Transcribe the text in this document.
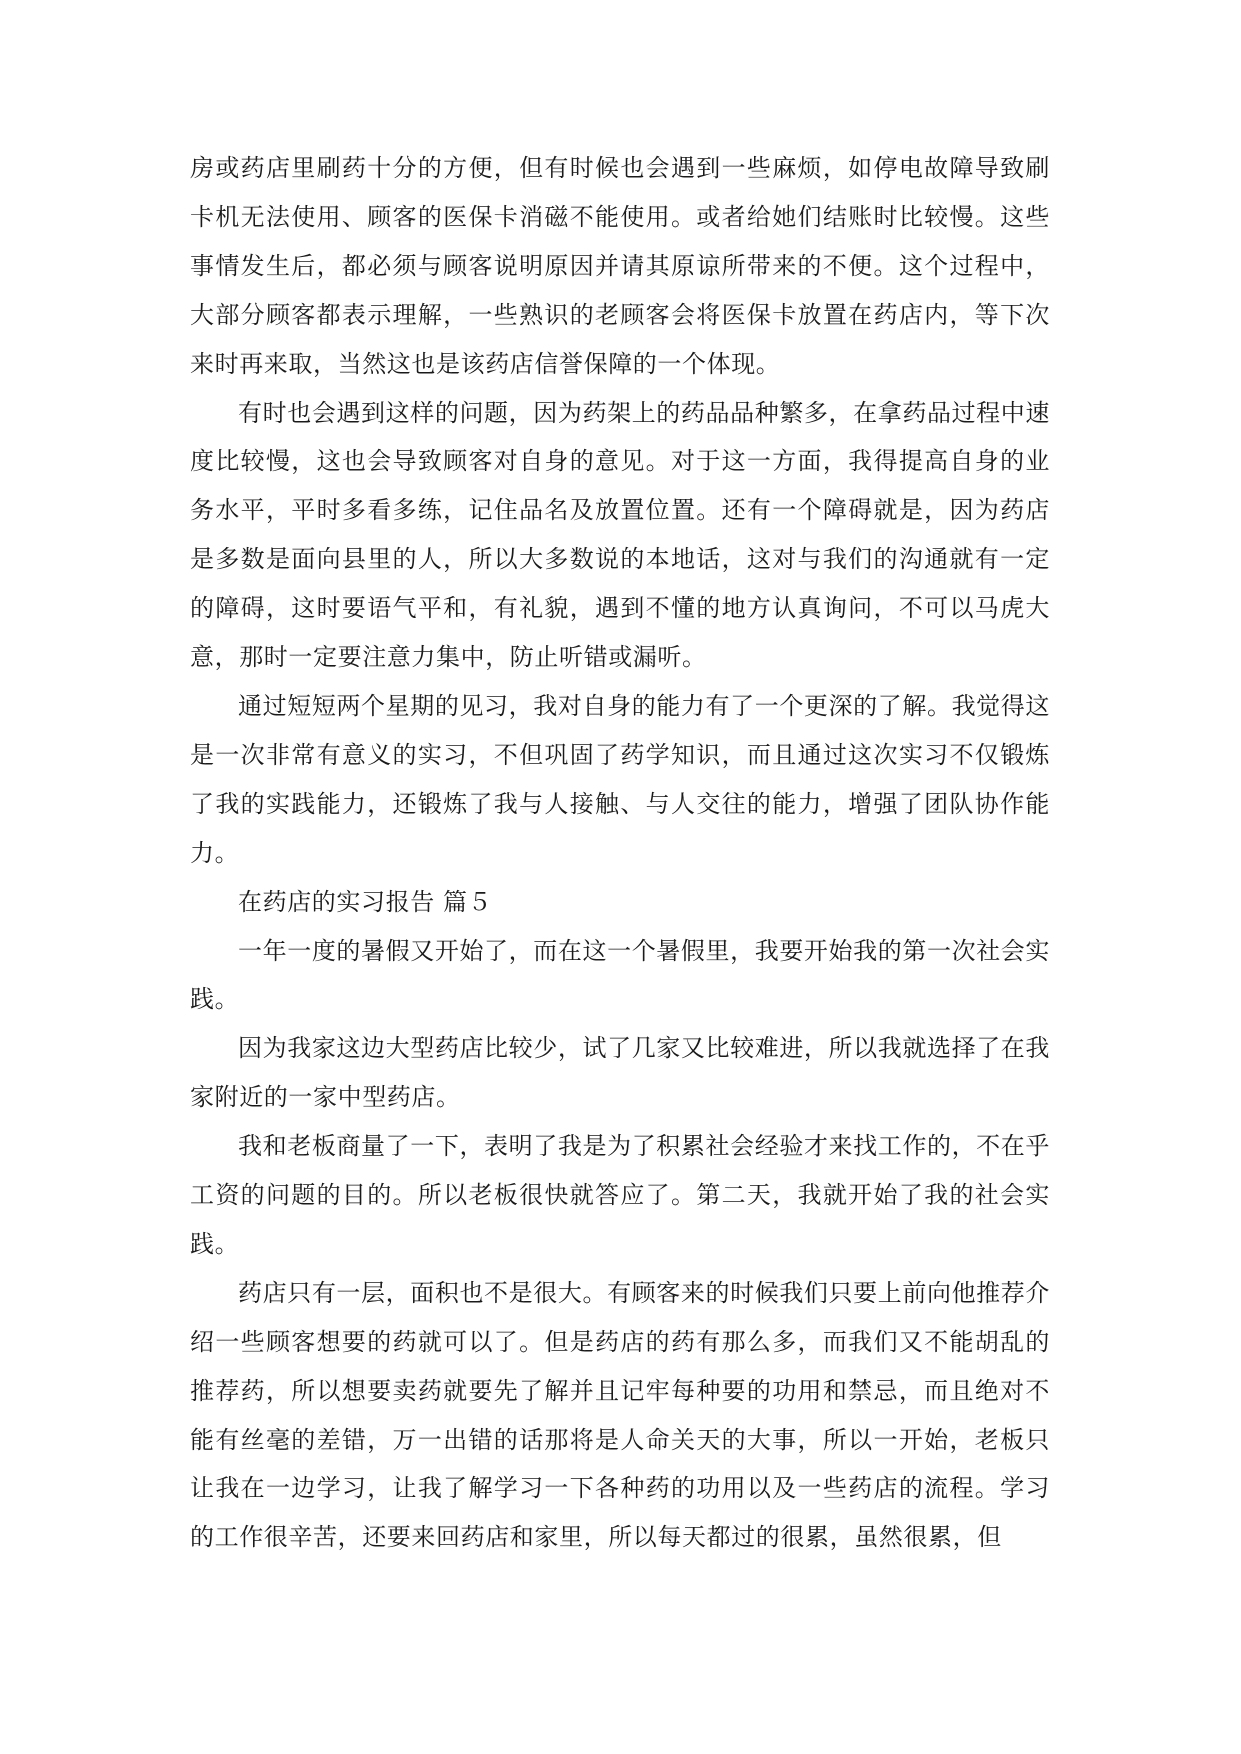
房或药店里刷药十分的方便，但有时候也会遇到一些麻烦，如停电故障导致刷卡机无法使用、顾客的医保卡消磁不能使用。或者给她们结账时比较慢。这些事情发生后，都必须与顾客说明原因并请其原谅所带来的不便。这个过程中，大部分顾客都表示理解，一些熟识的老顾客会将医保卡放置在药店内，等下次来时再来取，当然这也是该药店信誉保障的一个体现。

有时也会遇到这样的问题，因为药架上的药品品种繁多，在拿药品过程中速度比较慢，这也会导致顾客对自身的意见。对于这一方面，我得提高自身的业务水平，平时多看多练，记住品名及放置位置。还有一个障碍就是，因为药店是多数是面向县里的人，所以大多数说的本地话，这对与我们的沟通就有一定的障碍，这时要语气平和，有礼貌，遇到不懂的地方认真询问，不可以马虎大意，那时一定要注意力集中，防止听错或漏听。

通过短短两个星期的见习，我对自身的能力有了一个更深的了解。我觉得这是一次非常有意义的实习，不但巩固了药学知识，而且通过这次实习不仅锻炼了我的实践能力，还锻炼了我与人接触、与人交往的能力，增强了团队协作能力。

在药店的实习报告 篇５

一年一度的暑假又开始了，而在这一个暑假里，我要开始我的第一次社会实践。

因为我家这边大型药店比较少，试了几家又比较难进，所以我就选择了在我家附近的一家中型药店。

我和老板商量了一下，表明了我是为了积累社会经验才来找工作的，不在乎工资的问题的目的。所以老板很快就答应了。第二天，我就开始了我的社会实践。

药店只有一层，面积也不是很大。有顾客来的时候我们只要上前向他推荐介绍一些顾客想要的药就可以了。但是药店的药有那么多，而我们又不能胡乱的推荐药，所以想要卖药就要先了解并且记牢每种要的功用和禁忌，而且绝对不能有丝毫的差错，万一出错的话那将是人命关天的大事，所以一开始，老板只让我在一边学习，让我了解学习一下各种药的功用以及一些药店的流程。学习的工作很辛苦，还要来回药店和家里，所以每天都过的很累，虽然很累，但
